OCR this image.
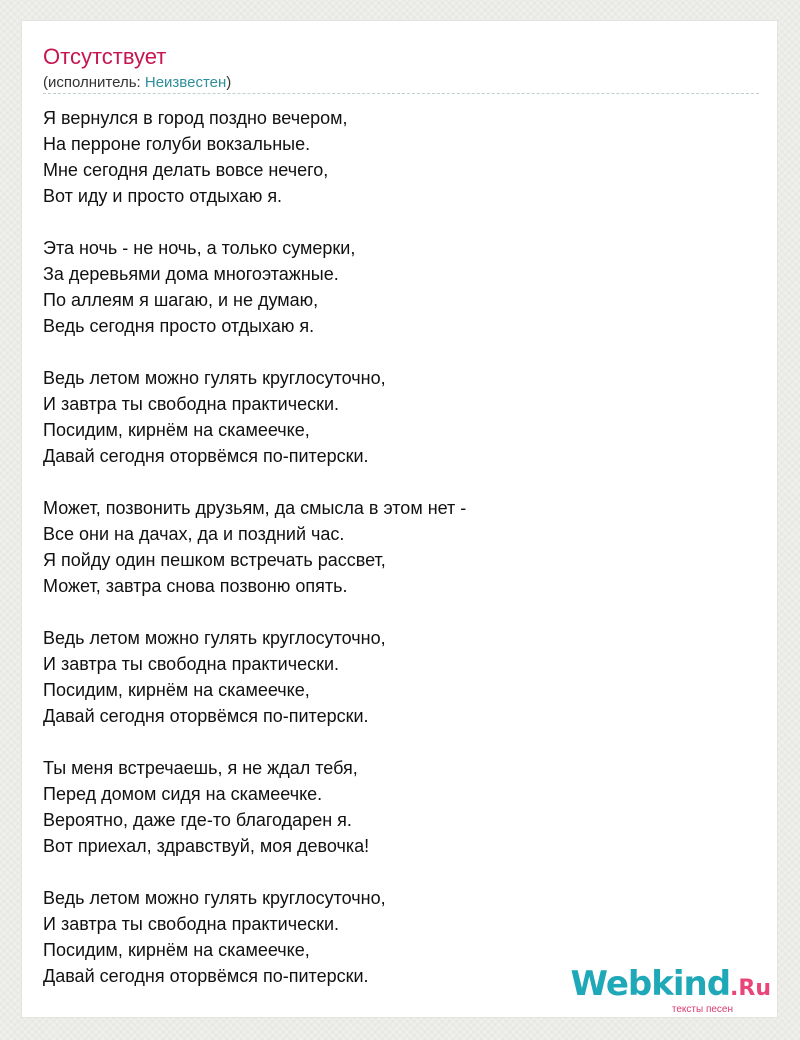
Отсутствует
(исполнитель: Неизвестен)
Я вернулся в город поздно вечером,
На перроне голуби вокзальные.
Мне сегодня делать вовсе нечего,
Вот иду и просто отдыхаю я.
Эта ночь - не ночь, а только сумерки,
За деревьями дома многоэтажные.
По аллеям я шагаю, и не думаю,
Ведь сегодня просто отдыхаю я.
Ведь летом можно гулять круглосуточно,
И завтра ты свободна практически.
Посидим, кирнём на скамеечке,
Давай сегодня оторвёмся по-питерски.
Может, позвонить друзьям, да смысла в этом нет -
Все они на дачах, да и поздний час.
Я пойду один пешком встречать рассвет,
Может, завтра снова позвоню опять.
Ведь летом можно гулять круглосуточно,
И завтра ты свободна практически.
Посидим, кирнём на скамеечке,
Давай сегодня оторвёмся по-питерски.
Ты меня встречаешь, я не ждал тебя,
Перед домом сидя на скамеечке.
Вероятно, даже где-то благодарен я.
Вот приехал, здравствуй, моя девочка!
Ведь летом можно гулять круглосуточно,
И завтра ты свободна практически.
Посидим, кирнём на скамеечке,
Давай сегодня оторвёмся по-питерски.	Webkind.Ru
тексты песен
